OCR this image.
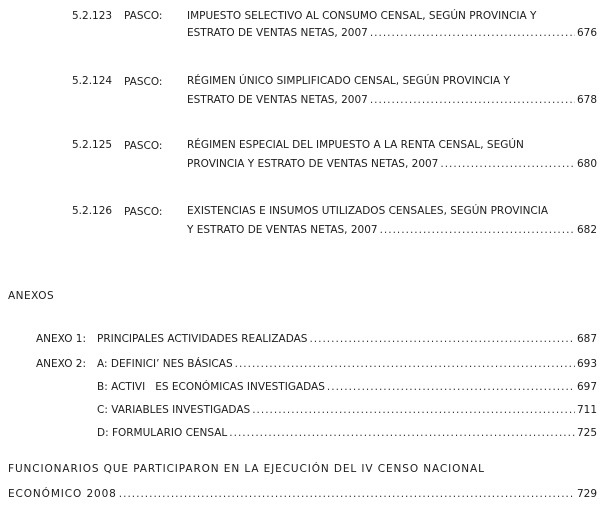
5.2.123 PASCO: IMPUESTO SELECTIVO AL CONSUMO CENSAL, SEGÚN PROVINCIA Y
ESTRATO DE VENTAS NETAS, 2007 .....	676
5.2.124 PASCO: RÉGIMEN ÚNICO SIMPLIFICADO CENSAL, SEGÚN PROVINCIA Y
ESTRATO DE VENTAS NETAS, 2007 .....	678
5.2.125 PASCO: RÉGIMEN ESPECIAL DEL IMPUESTO A LA RENTA CENSAL, SEGÚN
PROVINCIA Y ESTRATO DE VENTAS NETAS, 2007 .....	680
5.2.126 PASCO: EXISTENCIAS E INSUMOS UTILIZADOS CENSALES, SEGÚN PROVINCIA
Y ESTRATO DE VENTAS NETAS, 2007 .....	682
ANEXOS
ANEXO 1: PRINCIPALES ACTIVIDADES REALIZADAS .....	687
ANEXO 2: A: DEFINICI’ NES BÁSICAS .....	693
B: ACTIVI   ES ECONÓMICAS INVESTIGADAS .....	697
C: VARIABLES INVESTIGADAS .....	711
D: FORMULARIO CENSAL .....	725
FUNCIONARIOS QUE PARTICIPARON EN LA EJECUCIÓN DEL IV CENSO NACIONAL
ECONÓMICO 2008 .....	729
